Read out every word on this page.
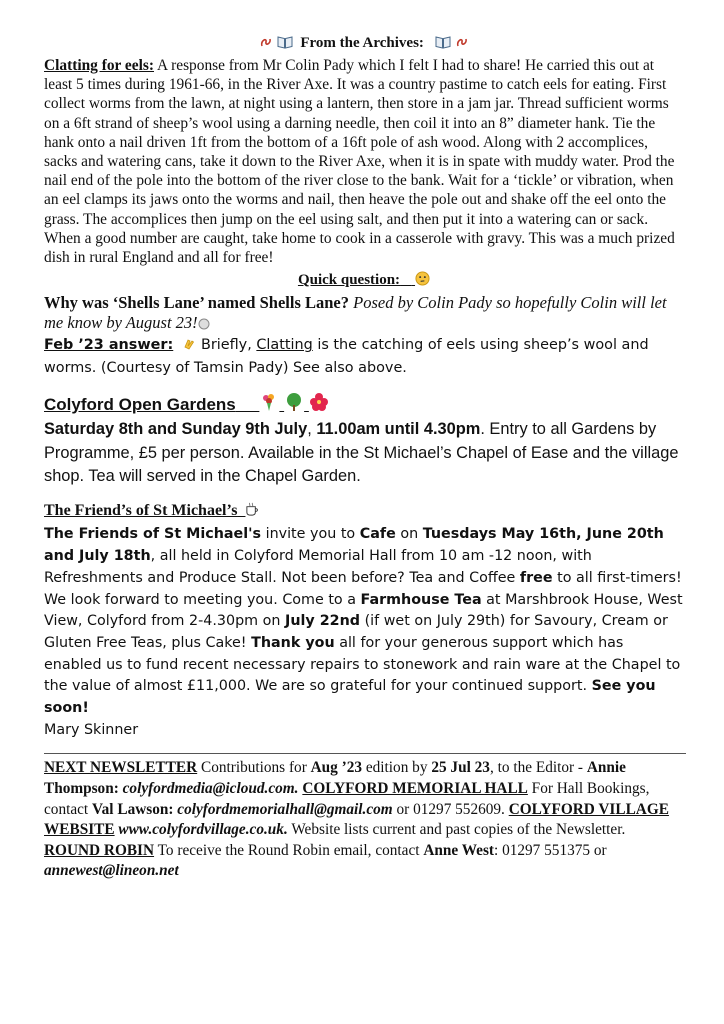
From the Archives:

Clatting for eels: A response from Mr Colin Pady which I felt I had to share! He carried this out at least 5 times during 1961-66, in the River Axe. It was a country pastime to catch eels for eating. First collect worms from the lawn, at night using a lantern, then store in a jam jar. Thread sufficient worms on a 6ft strand of sheep’s wool using a darning needle, then coil it into an 8” diameter hank. Tie the hank onto a nail driven 1ft from the bottom of a 16ft pole of ash wood. Along with 2 accomplices, sacks and watering cans, take it down to the River Axe, when it is in spate with muddy water. Prod the nail end of the pole into the bottom of the river close to the bank. Wait for a ‘tickle’ or vibration, when an eel clamps its jaws onto the worms and nail, then heave the pole out and shake off the eel onto the grass. The accomplices then jump on the eel using salt, and then put it into a watering can or sack. When a good number are caught, take home to cook in a casserole with gravy. This was a much prized dish in rural England and all for free!

Quick question:

Why was ‘Shells Lane’ named Shells Lane? Posed by Colin Pady so hopefully Colin will let me know by August 23!

Feb ’23 answer:   Briefly, Clatting is the catching of eels using sheep’s wool and worms. (Courtesy of Tamsin Pady) See also above.

Colyford Open Gardens

Saturday 8th and Sunday 9th July, 11.00am until 4.30pm. Entry to all Gardens by Programme, £5 per person. Available in the St Michael’s Chapel of Ease and the village shop. Tea will served in the Chapel Garden.

The Friend’s of St Michael’s

The Friends of St Michael's invite you to Cafe on Tuesdays May 16th, June 20th and July 18th, all held in Colyford Memorial Hall from 10 am -12 noon, with Refreshments and Produce Stall. Not been before? Tea and Coffee free to all first-timers! We look forward to meeting you. Come to a Farmhouse Tea at Marshbrook House, West View, Colyford from 2-4.30pm on July 22nd (if wet on July 29th) for Savoury, Cream or Gluten Free Teas, plus Cake! Thank you all for your generous support which has enabled us to fund recent necessary repairs to stonework and rain ware at the Chapel to the value of almost £11,000. We are so grateful for your continued support. See you soon!
Mary Skinner

NEXT NEWSLETTER Contributions for Aug ’23 edition by 25 Jul 23, to the Editor - Annie Thompson: colyfordmedia@icloud.com. COLYFORD MEMORIAL HALL For Hall Bookings, contact Val Lawson: colyfordmemorialhall@gmail.com or 01297 552609. COLYFORD VILLAGE WEBSITE www.colyfordvillage.co.uk. Website lists current and past copies of the Newsletter. ROUND ROBIN To receive the Round Robin email, contact Anne West: 01297 551375 or annewest@lineon.net
